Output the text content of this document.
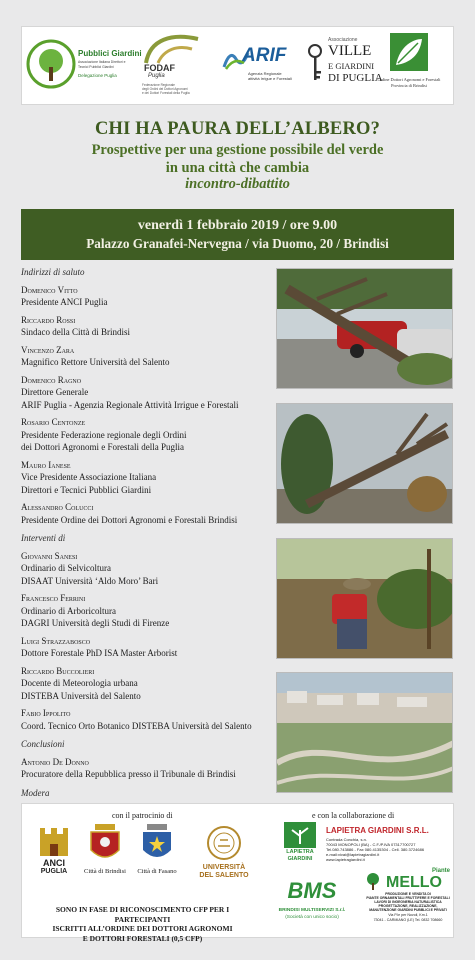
Pubblici Giardini
Associazione Italiana Direttori e
Tecnici Pubblici Giardini
Delegazione Puglia
FODAF
Puglia
Federazione Regionale
degli Ordini dei Dottori Agronomi
e dei Dottori Forestali della Puglia
ARIF
Agenzia Regionale
attività Irrigue e Forestali
Associazione
VILLE
E GIARDINI
DI PUGLIA
Ordine Dottori Agronomi e Forestali
Provincia di Brindisi
CHI HA PAURA DELL’ALBERO?
Prospettive per una gestione possibile del verde
in una città che cambia
incontro-dibattito
venerdì 1 febbraio 2019 / ore 9.00
Palazzo Granafei-Nervegna / via Duomo, 20 / Brindisi
Indirizzi di saluto
Domenico Vitto
Presidente ANCI Puglia
Riccardo Rossi
Sindaco della Città di Brindisi
Vincenzo Zara
Magnifico Rettore Università del Salento
Domenico Ragno
Direttore Generale
ARIF Puglia - Agenzia Regionale Attività Irrigue e Forestali
Rosario Centonze
Presidente Federazione regionale degli Ordini
dei Dottori Agronomi e Forestali della Puglia
Mauro Ianese
Vice Presidente Associazione Italiana
Direttori e Tecnici Pubblici Giardini
Alessandro Colucci
Presidente Ordine dei Dottori Agronomi e Forestali Brindisi
Interventi di
Giovanni Sanesi
Ordinario di Selvicoltura
DISAAT Università ‘Aldo Moro’ Bari
Francesco Ferrini
Ordinario di Arboricoltura
DAGRI Università degli Studi di Firenze
Luigi Strazzabosco
Dottore Forestale PhD ISA Master Arborist
Riccardo Buccolieri
Docente di Meteorologia urbana
DISTEBA Università del Salento
Fabio Ippolito
Coord. Tecnico Orto Botanico DISTEBA Università del Salento
Conclusioni
Antonio De Donno
Procuratore della Repubblica presso il Tribunale di Brindisi
Modera
con il patrocinio di	e con la collaborazione di
ANCI
PUGLIA	Città di Brindisi	Città di Fasano
UNIVERSITÀ
DEL SALENTO
LAPIETRA
GIARDINI
LAPIETRA GIARDINI S.R.L.
Contrada Conchia, s.n.
70043 MONOPOLI (BA) - C.F./P.IVA 07317700727
Tel.080.743886 - Fax 080.4135304 - Cell. 380.3724686
e-mail:vivai@lapietragiardini.it
www.lapietragiardini.it
BMS
BRINDISI MULTISERVIZI S.r.l.
(Società con unico socio)
Piante
MELLO
PRODUZIONE E VENDITA DI
PIANTE ORNAMENTALI FRUTTIFERE E FORESTALI
LAVORI DI INGEGNERIA NATURALISTICA
PROGETTAZIONE, REALIZZAZIONE,
MANUTENZIONE GIARDINI PUBBLICI E PRIVATI
Via P.le per Novoli, Km.1
73041 - CARMIANO (LE) Tel. 0832 708660
SONO IN FASE DI RICONOSCIMENTO CFP PER I PARTECIPANTI
ISCRITTI ALL’ORDINE DEI DOTTORI AGRONOMI
E DOTTORI FORESTALI (0,5 CFP)
